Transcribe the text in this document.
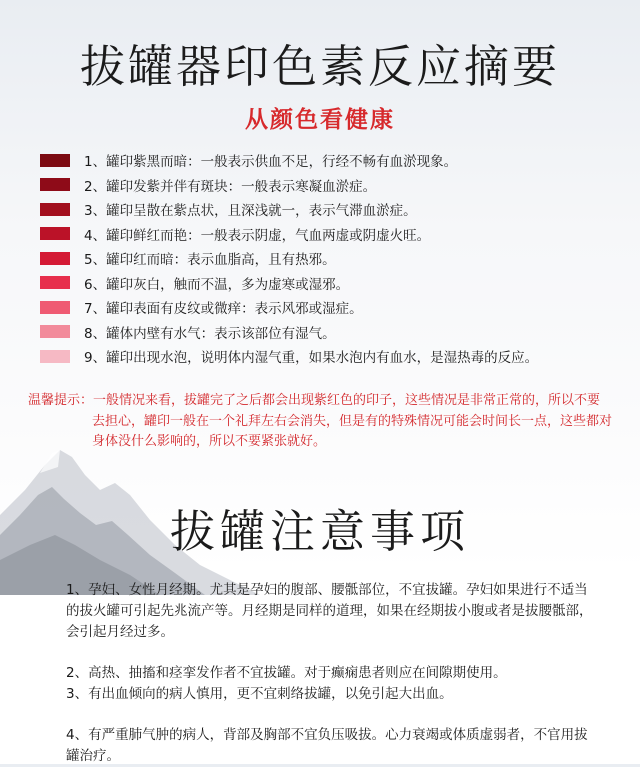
拔罐器印色素反应摘要
从颜色看健康
1、罐印紫黑而暗：一般表示供血不足，行经不畅有血淤现象。
2、罐印发紫并伴有斑块：一般表示寒凝血淤症。
3、罐印呈散在紫点状，且深浅就一，表示气滞血淤症。
4、罐印鲜红而艳：一般表示阴虚，气血两虚或阴虚火旺。
5、罐印红而暗：表示血脂高，且有热邪。
6、罐印灰白，触而不温，多为虚寒或湿邪。
7、罐印表面有皮纹或微痒：表示风邪或湿症。
8、罐体内壁有水气：表示该部位有湿气。
9、罐印出现水泡，说明体内湿气重，如果水泡内有血水，是湿热毒的反应。
温馨提示： 一般情况来看，拔罐完了之后都会出现紫红色的印子，这些情况是非常正常的，所以不要去担心，罐印一般在一个礼拜左右会消失，但是有的特殊情况可能会时间长一点，这些都对身体没什么影响的，所以不要紧张就好。
拔罐注意事项

1、孕妇、女性月经期。尤其是孕妇的腹部、腰骶部位，不宜拔罐。孕妇如果进行不适当的拔火罐可引起先兆流产等。月经期是同样的道理，如果在经期拔小腹或者是拔腰骶部，会引起月经过多。

2、高热、抽搐和痉挛发作者不宜拔罐。对于癫痫患者则应在间隙期使用。

3、有出血倾向的病人慎用，更不宜刺络拔罐，以免引起大出血。

4、有严重肺气肿的病人，背部及胸部不宜负压吸拔。心力衰竭或体质虚弱者，不官用拔罐治疗。
